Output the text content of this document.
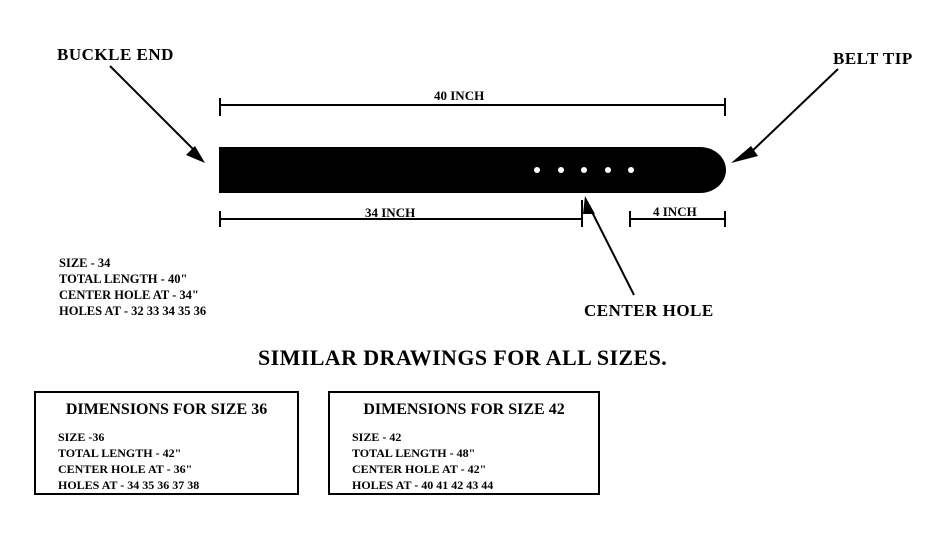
BUCKLE END	BELT TIP
CENTER HOLE
40 INCH
34 INCH	4 INCH
SIZE - 34
TOTAL LENGTH - 40"
CENTER HOLE AT - 34"
HOLES AT - 32 33 34 35 36
SIMILAR DRAWINGS FOR ALL SIZES.
DIMENSIONS FOR SIZE 36
SIZE -36
TOTAL LENGTH - 42"
CENTER HOLE AT - 36"
HOLES AT - 34 35 36 37 38
DIMENSIONS FOR SIZE 42
SIZE - 42
TOTAL LENGTH - 48"
CENTER HOLE AT - 42"
HOLES AT - 40 41 42 43 44
